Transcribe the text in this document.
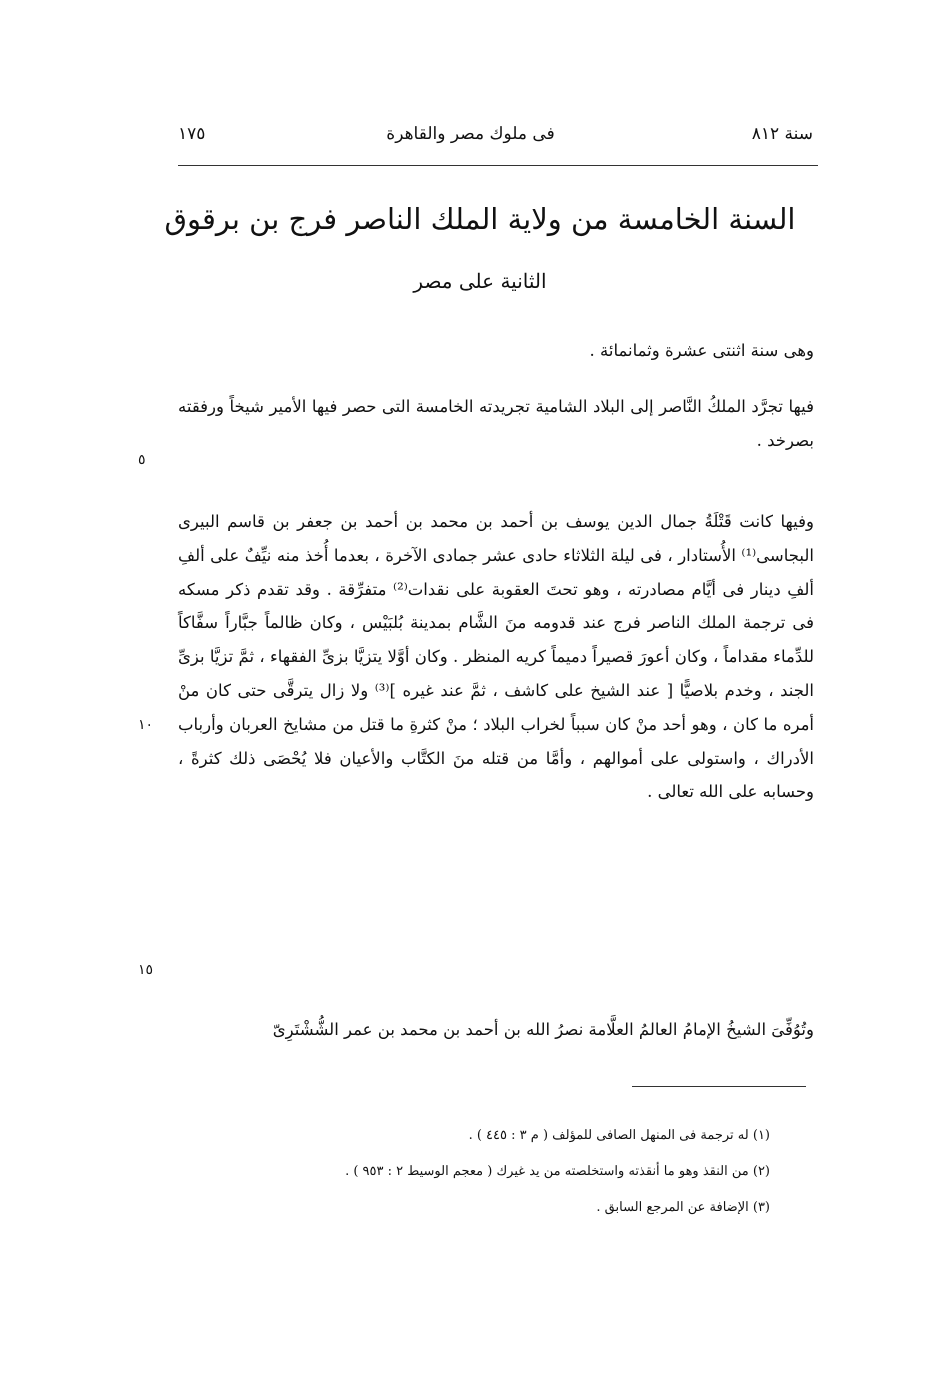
سنة ٨١٢
فى ملوك مصر والقاهرة
١٧٥
السنة الخامسة من ولاية الملك الناصر فرج بن برقوق
الثانية على مصر
وهى سنة اثنتى عشرة وثمانمائة .
فيها تجرَّد الملكُ النَّاصر إلى البلاد الشامية تجريدته الخامسة التى حصر فيها الأمير شيخاً ورفقته بصرخد .
وفيها كانت قَتْلَةُ جمال الدين يوسف بن أحمد بن محمد بن أحمد بن جعفر بن قاسم البيرى البجاسى⁽¹⁾ الأُستادار ، فى ليلة الثلاثاء حادى عشر جمادى الآخرة ، بعدما أُخذ منه نيِّفٌ على ألفِ ألفِ دينار فى أيَّام مصادرته ، وهو تحتَ العقوبة على نقدات⁽²⁾ متفرِّقة . وقد تقدم ذكر مسكه فى ترجمة الملك الناصر فرج عند قدومه منَ الشَّام بمدينة بُلبَيْس ، وكان ظالماً جبَّاراً سفَّاكاً للدِّماء مقداماً ، وكان أعورَ قصيراً دميماً كريه المنظر . وكان أوَّلا يتزيَّا بزىِّ الفقهاء ، ثمَّ تزيَّا بزىِّ الجند ، وخدم بلاصيًّا [ عند الشيخ على كاشف ، ثمَّ عند غيره ]⁽³⁾ ولا زال يترقَّى حتى كان منْ أمره ما كان ، وهو أحد منْ كان سبباً لخراب البلاد ؛ منْ كثرةِ ما قتل من مشايخ العربان وأرباب الأدراك ، واستولى على أموالهم ، وأمَّا من قتله منَ الكتَّاب والأعيان فلا يُحْصَى ذلك كثرةً ، وحسابه على الله تعالى .
وتُوُفِّىَ الشيخُ الإمامُ العالمُ العلَّامة نصرُ الله بن أحمد بن محمد بن عمر الشُّشْتَرِىّ
٥
١٠
١٥
(١) له ترجمة فى المنهل الصافى للمؤلف ( م ٣ : ٤٤٥ ) .
(٢) من النقذ وهو ما أنقذته واستخلصته من يد غيرك ( معجم الوسيط ٢ : ٩٥٣ ) .
(٣) الإضافة عن المرجع السابق .
